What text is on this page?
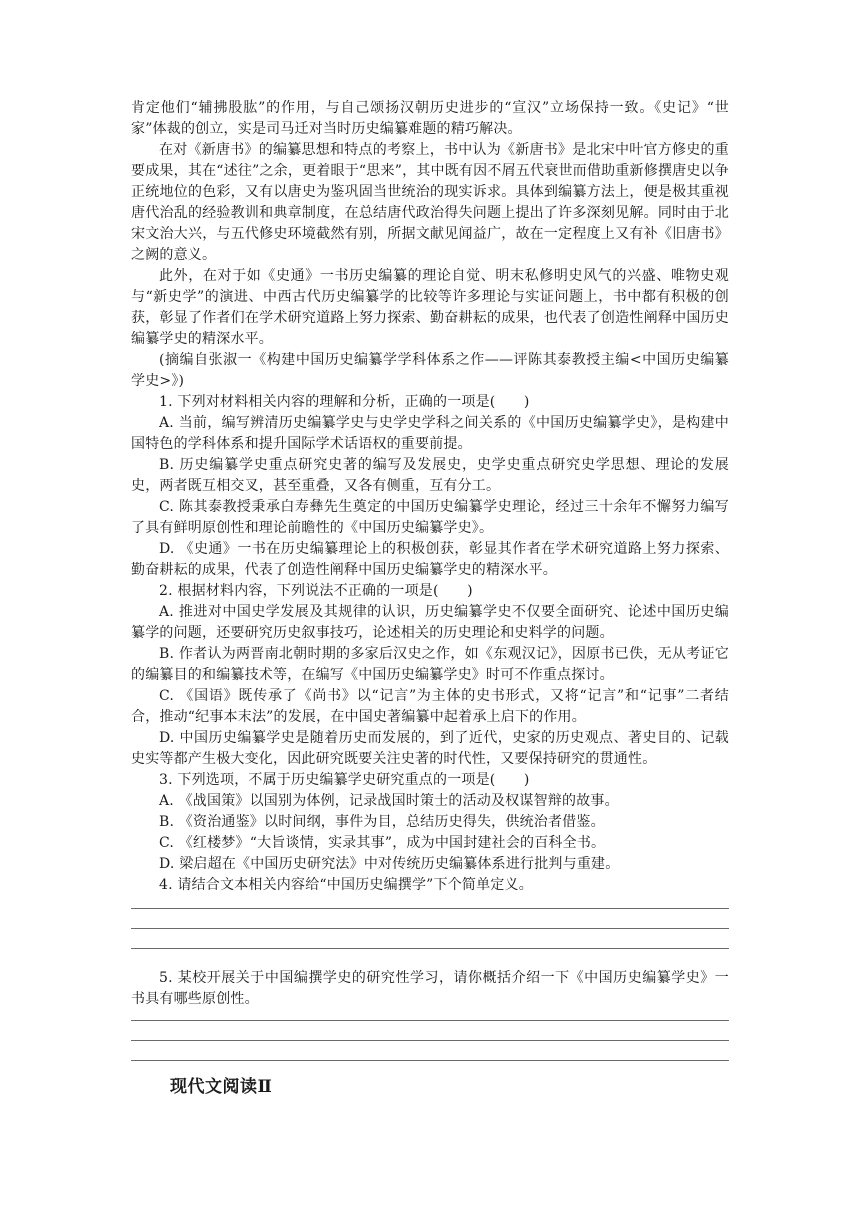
肯定他们“辅拂股肱”的作用，与自己颂扬汉朝历史进步的“宣汉”立场保持一致。《史记》“世家”体裁的创立，实是司马迁对当时历史编纂难题的精巧解决。

在对《新唐书》的编纂思想和特点的考察上，书中认为《新唐书》是北宋中叶官方修史的重要成果，其在“述往”之余，更着眼于“思来”，其中既有因不屑五代衰世而借助重新修撰唐史以争正统地位的色彩，又有以唐史为鉴巩固当世统治的现实诉求。具体到编纂方法上，便是极其重视唐代治乱的经验教训和典章制度，在总结唐代政治得失问题上提出了许多深刻见解。同时由于北宋文治大兴，与五代修史环境截然有别，所据文献见闻益广，故在一定程度上又有补《旧唐书》之阙的意义。

此外，在对于如《史通》一书历史编纂的理论自觉、明末私修明史风气的兴盛、唯物史观与“新史学”的演进、中西古代历史编纂学的比较等许多理论与实证问题上，书中都有积极的创获，彰显了作者们在学术研究道路上努力探索、勤奋耕耘的成果，也代表了创造性阐释中国历史编纂学史的精深水平。

(摘编自张淑一《构建中国历史编纂学学科体系之作——评陈其泰教授主编<中国历史编纂学史>》)

1. 下列对材料相关内容的理解和分析，正确的一项是(　　)

A. 当前，编写辨清历史编纂学史与史学史学科之间关系的《中国历史编纂学史》，是构建中国特色的学科体系和提升国际学术话语权的重要前提。

B. 历史编纂学史重点研究史著的编写及发展史，史学史重点研究史学思想、理论的发展史，两者既互相交叉，甚至重叠，又各有侧重，互有分工。

C. 陈其泰教授秉承白寿彝先生奠定的中国历史编纂学史理论，经过三十余年不懈努力编写了具有鲜明原创性和理论前瞻性的《中国历史编纂学史》。

D. 《史通》一书在历史编纂理论上的积极创获，彰显其作者在学术研究道路上努力探索、勤奋耕耘的成果，代表了创造性阐释中国历史编纂学史的精深水平。

2. 根据材料内容，下列说法不正确的一项是(　　)

A. 推进对中国史学发展及其规律的认识，历史编纂学史不仅要全面研究、论述中国历史编纂学的问题，还要研究历史叙事技巧，论述相关的历史理论和史料学的问题。

B. 作者认为两晋南北朝时期的多家后汉史之作，如《东观汉记》，因原书已佚，无从考证它的编纂目的和编纂技术等，在编写《中国历史编纂学史》时可不作重点探讨。

C. 《国语》既传承了《尚书》以“记言”为主体的史书形式，又将“记言”和“记事”二者结合，推动“纪事本末法”的发展，在中国史著编纂中起着承上启下的作用。

D. 中国历史编纂学史是随着历史而发展的，到了近代，史家的历史观点、著史目的、记载史实等都产生极大变化，因此研究既要关注史著的时代性，又要保持研究的贯通性。

3. 下列选项，不属于历史编纂学史研究重点的一项是(　　)

A. 《战国策》以国别为体例，记录战国时策士的活动及权谋智辩的故事。

B. 《资治通鉴》以时间纲，事件为目，总结历史得失，供统治者借鉴。

C. 《红楼梦》“大旨谈情，实录其事”，成为中国封建社会的百科全书。

D. 梁启超在《中国历史研究法》中对传统历史编纂体系进行批判与重建。

4. 请结合文本相关内容给“中国历史编撰学”下个简单定义。

5. 某校开展关于中国编撰学史的研究性学习，请你概括介绍一下《中国历史编纂学史》一书具有哪些原创性。

现代文阅读Ⅱ
